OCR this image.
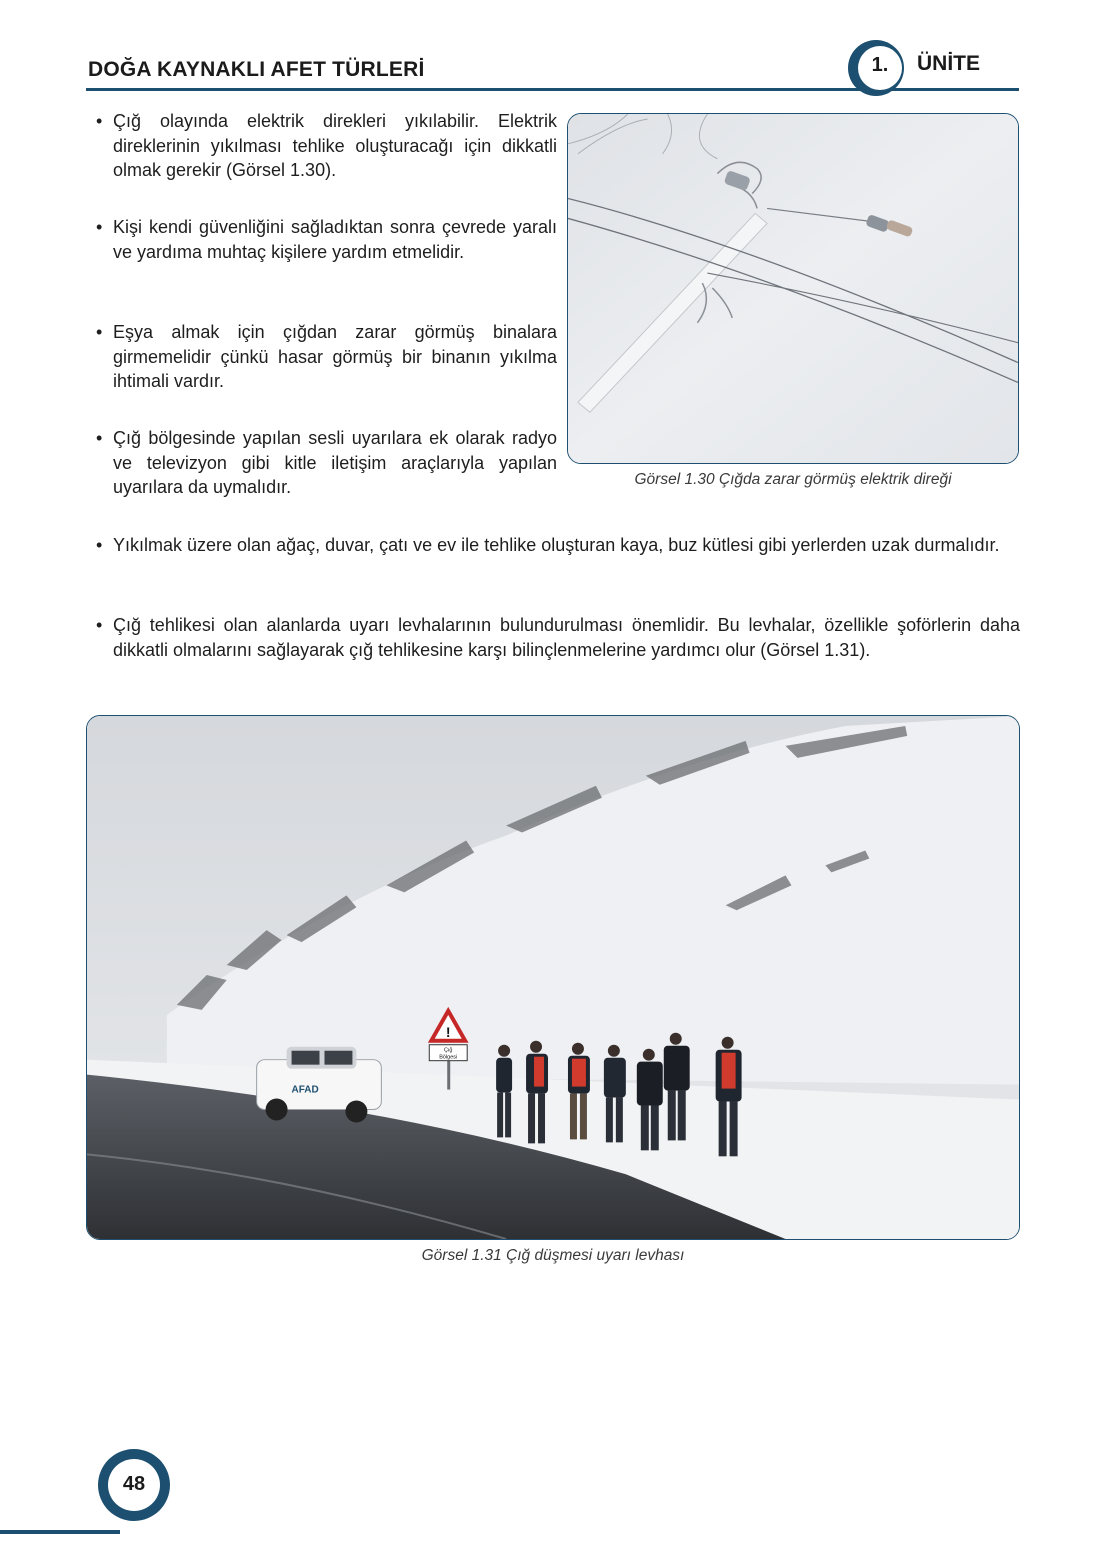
DOĞA KAYNAKLI AFET TÜRLERİ	1.	ÜNİTE
• Çığ olayında elektrik direkleri yıkılabilir. Elektrik direklerinin yıkılması tehlike oluşturacağı için dikkatli olmak gerekir (Görsel 1.30).
• Kişi kendi güvenliğini sağladıktan sonra çevrede yaralı ve yardıma muhtaç kişilere yardım etmelidir.
• Eşya almak için çığdan zarar görmüş binalara girmemelidir çünkü hasar görmüş bir binanın yıkılma ihtimali vardır.
• Çığ bölgesinde yapılan sesli uyarılara ek olarak radyo ve televizyon gibi kitle iletişim araçlarıyla yapılan uyarılara da uymalıdır.
• Yıkılmak üzere olan ağaç, duvar, çatı ve ev ile tehlike oluşturan kaya, buz kütlesi gibi yerlerden uzak durmalıdır.
• Çığ tehlikesi olan alanlarda uyarı levhalarının bulundurulması önemlidir. Bu levhalar, özellikle şoförlerin daha dikkatli olmalarını sağlayarak çığ tehlikesine karşı bilinçlenmelerine yardımcı olur (Görsel 1.31).
Görsel 1.30 Çığda zarar görmüş elektrik direği
AFAD
!
Çığ
Bölgesi
Görsel 1.31 Çığ düşmesi uyarı levhası
48
